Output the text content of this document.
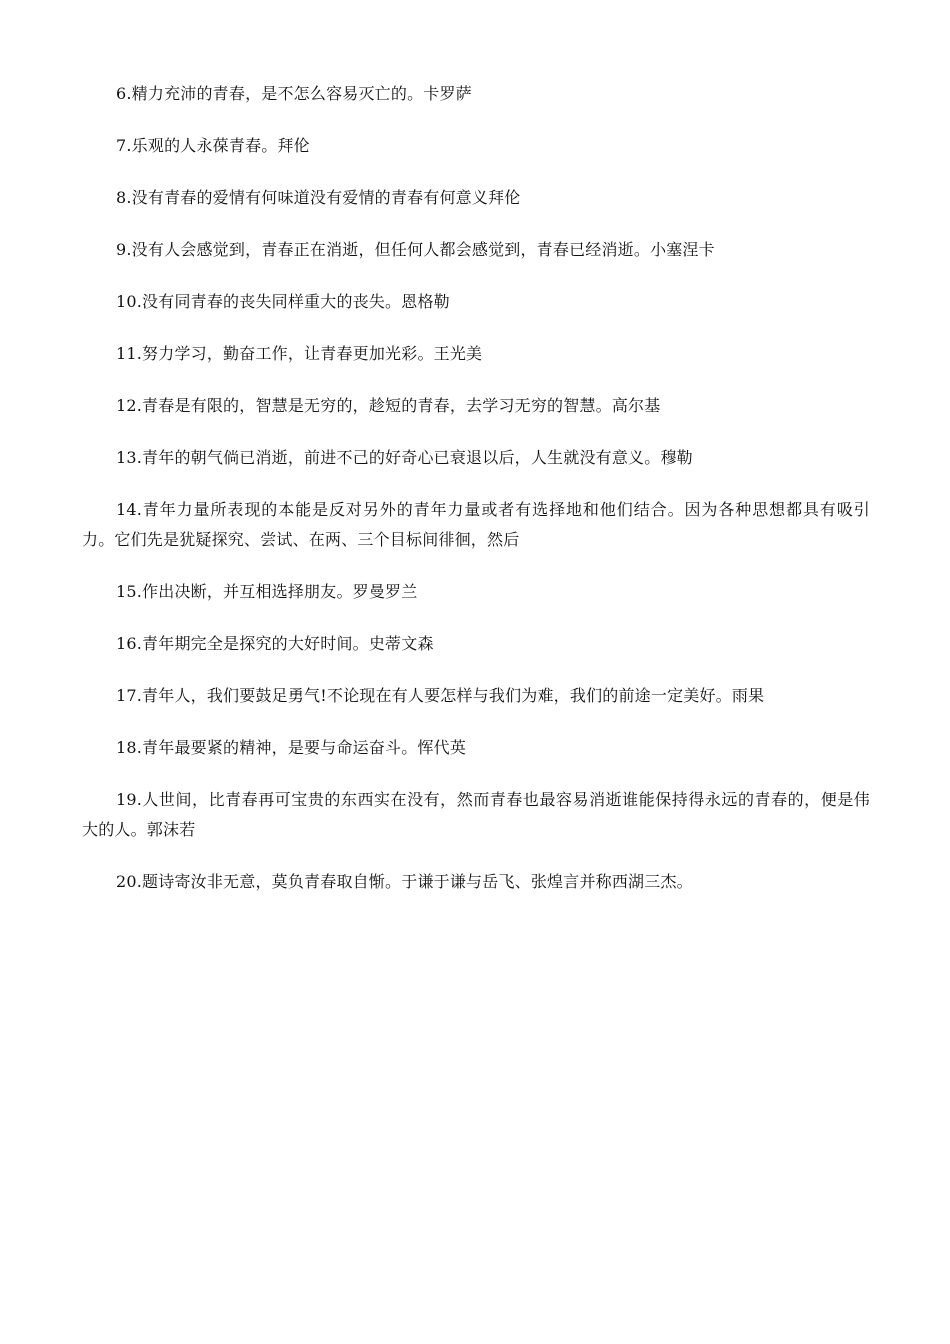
6.精力充沛的青春，是不怎么容易灭亡的。卡罗萨

7.乐观的人永葆青春。拜伦

8.没有青春的爱情有何味道没有爱情的青春有何意义拜伦

9.没有人会感觉到，青春正在消逝，但任何人都会感觉到，青春已经消逝。小塞涅卡

10.没有同青春的丧失同样重大的丧失。恩格勒

11.努力学习，勤奋工作，让青春更加光彩。王光美

12.青春是有限的，智慧是无穷的，趁短的青春，去学习无穷的智慧。高尔基

13.青年的朝气倘已消逝，前进不己的好奇心已衰退以后，人生就没有意义。穆勒

14.青年力量所表现的本能是反对另外的青年力量或者有选择地和他们结合。因为各种思想都具有吸引力。它们先是犹疑探究、尝试、在两、三个目标间徘徊，然后

15.作出决断，并互相选择朋友。罗曼罗兰

16.青年期完全是探究的大好时间。史蒂文森

17.青年人，我们要鼓足勇气!不论现在有人要怎样与我们为难，我们的前途一定美好。雨果

18.青年最要紧的精神，是要与命运奋斗。恽代英

19.人世间，比青春再可宝贵的东西实在没有，然而青春也最容易消逝谁能保持得永远的青春的，便是伟大的人。郭沫若

20.题诗寄汝非无意，莫负青春取自惭。于谦于谦与岳飞、张煌言并称西湖三杰。
